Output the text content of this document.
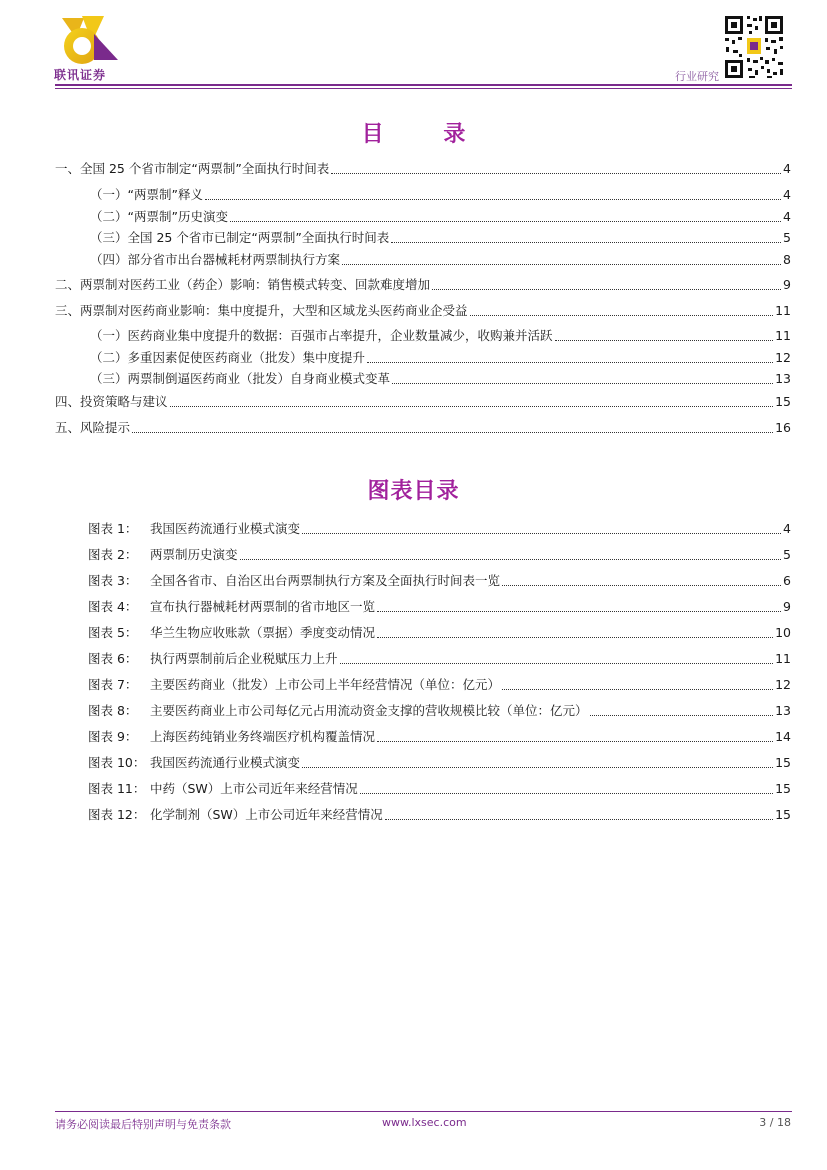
联讯证券	行业研究
目 录
一、全国 25 个省市制定“两票制”全面执行时间表	4
（一）“两票制”释义	4
（二）“两票制”历史演变	4
（三）全国 25 个省市已制定“两票制”全面执行时间表	5
（四）部分省市出台器械耗材两票制执行方案	8
二、两票制对医药工业（药企）影响：销售模式转变、回款难度增加	9
三、两票制对医药商业影响：集中度提升，大型和区域龙头医药商业企受益	11
（一）医药商业集中度提升的数据：百强市占率提升，企业数量减少，收购兼并活跃	11
（二）多重因素促使医药商业（批发）集中度提升	12
（三）两票制倒逼医药商业（批发）自身商业模式变革	13
四、投资策略与建议	15
五、风险提示	16
图表目录
图表 1： 我国医药流通行业模式演变	4
图表 2： 两票制历史演变	5
图表 3： 全国各省市、自治区出台两票制执行方案及全面执行时间表一览	6
图表 4： 宣布执行器械耗材两票制的省市地区一览	9
图表 5： 华兰生物应收账款（票据）季度变动情况	10
图表 6： 执行两票制前后企业税赋压力上升	11
图表 7： 主要医药商业（批发）上市公司上半年经营情况（单位：亿元）	12
图表 8： 主要医药商业上市公司每亿元占用流动资金支撑的营收规模比较（单位：亿元）	13
图表 9： 上海医药纯销业务终端医疗机构覆盖情况	14
图表 10： 我国医药流通行业模式演变	15
图表 11： 中药（SW）上市公司近年来经营情况	15
图表 12： 化学制剂（SW）上市公司近年来经营情况	15
请务必阅读最后特别声明与免责条款	www.lxsec.com	3 / 18
